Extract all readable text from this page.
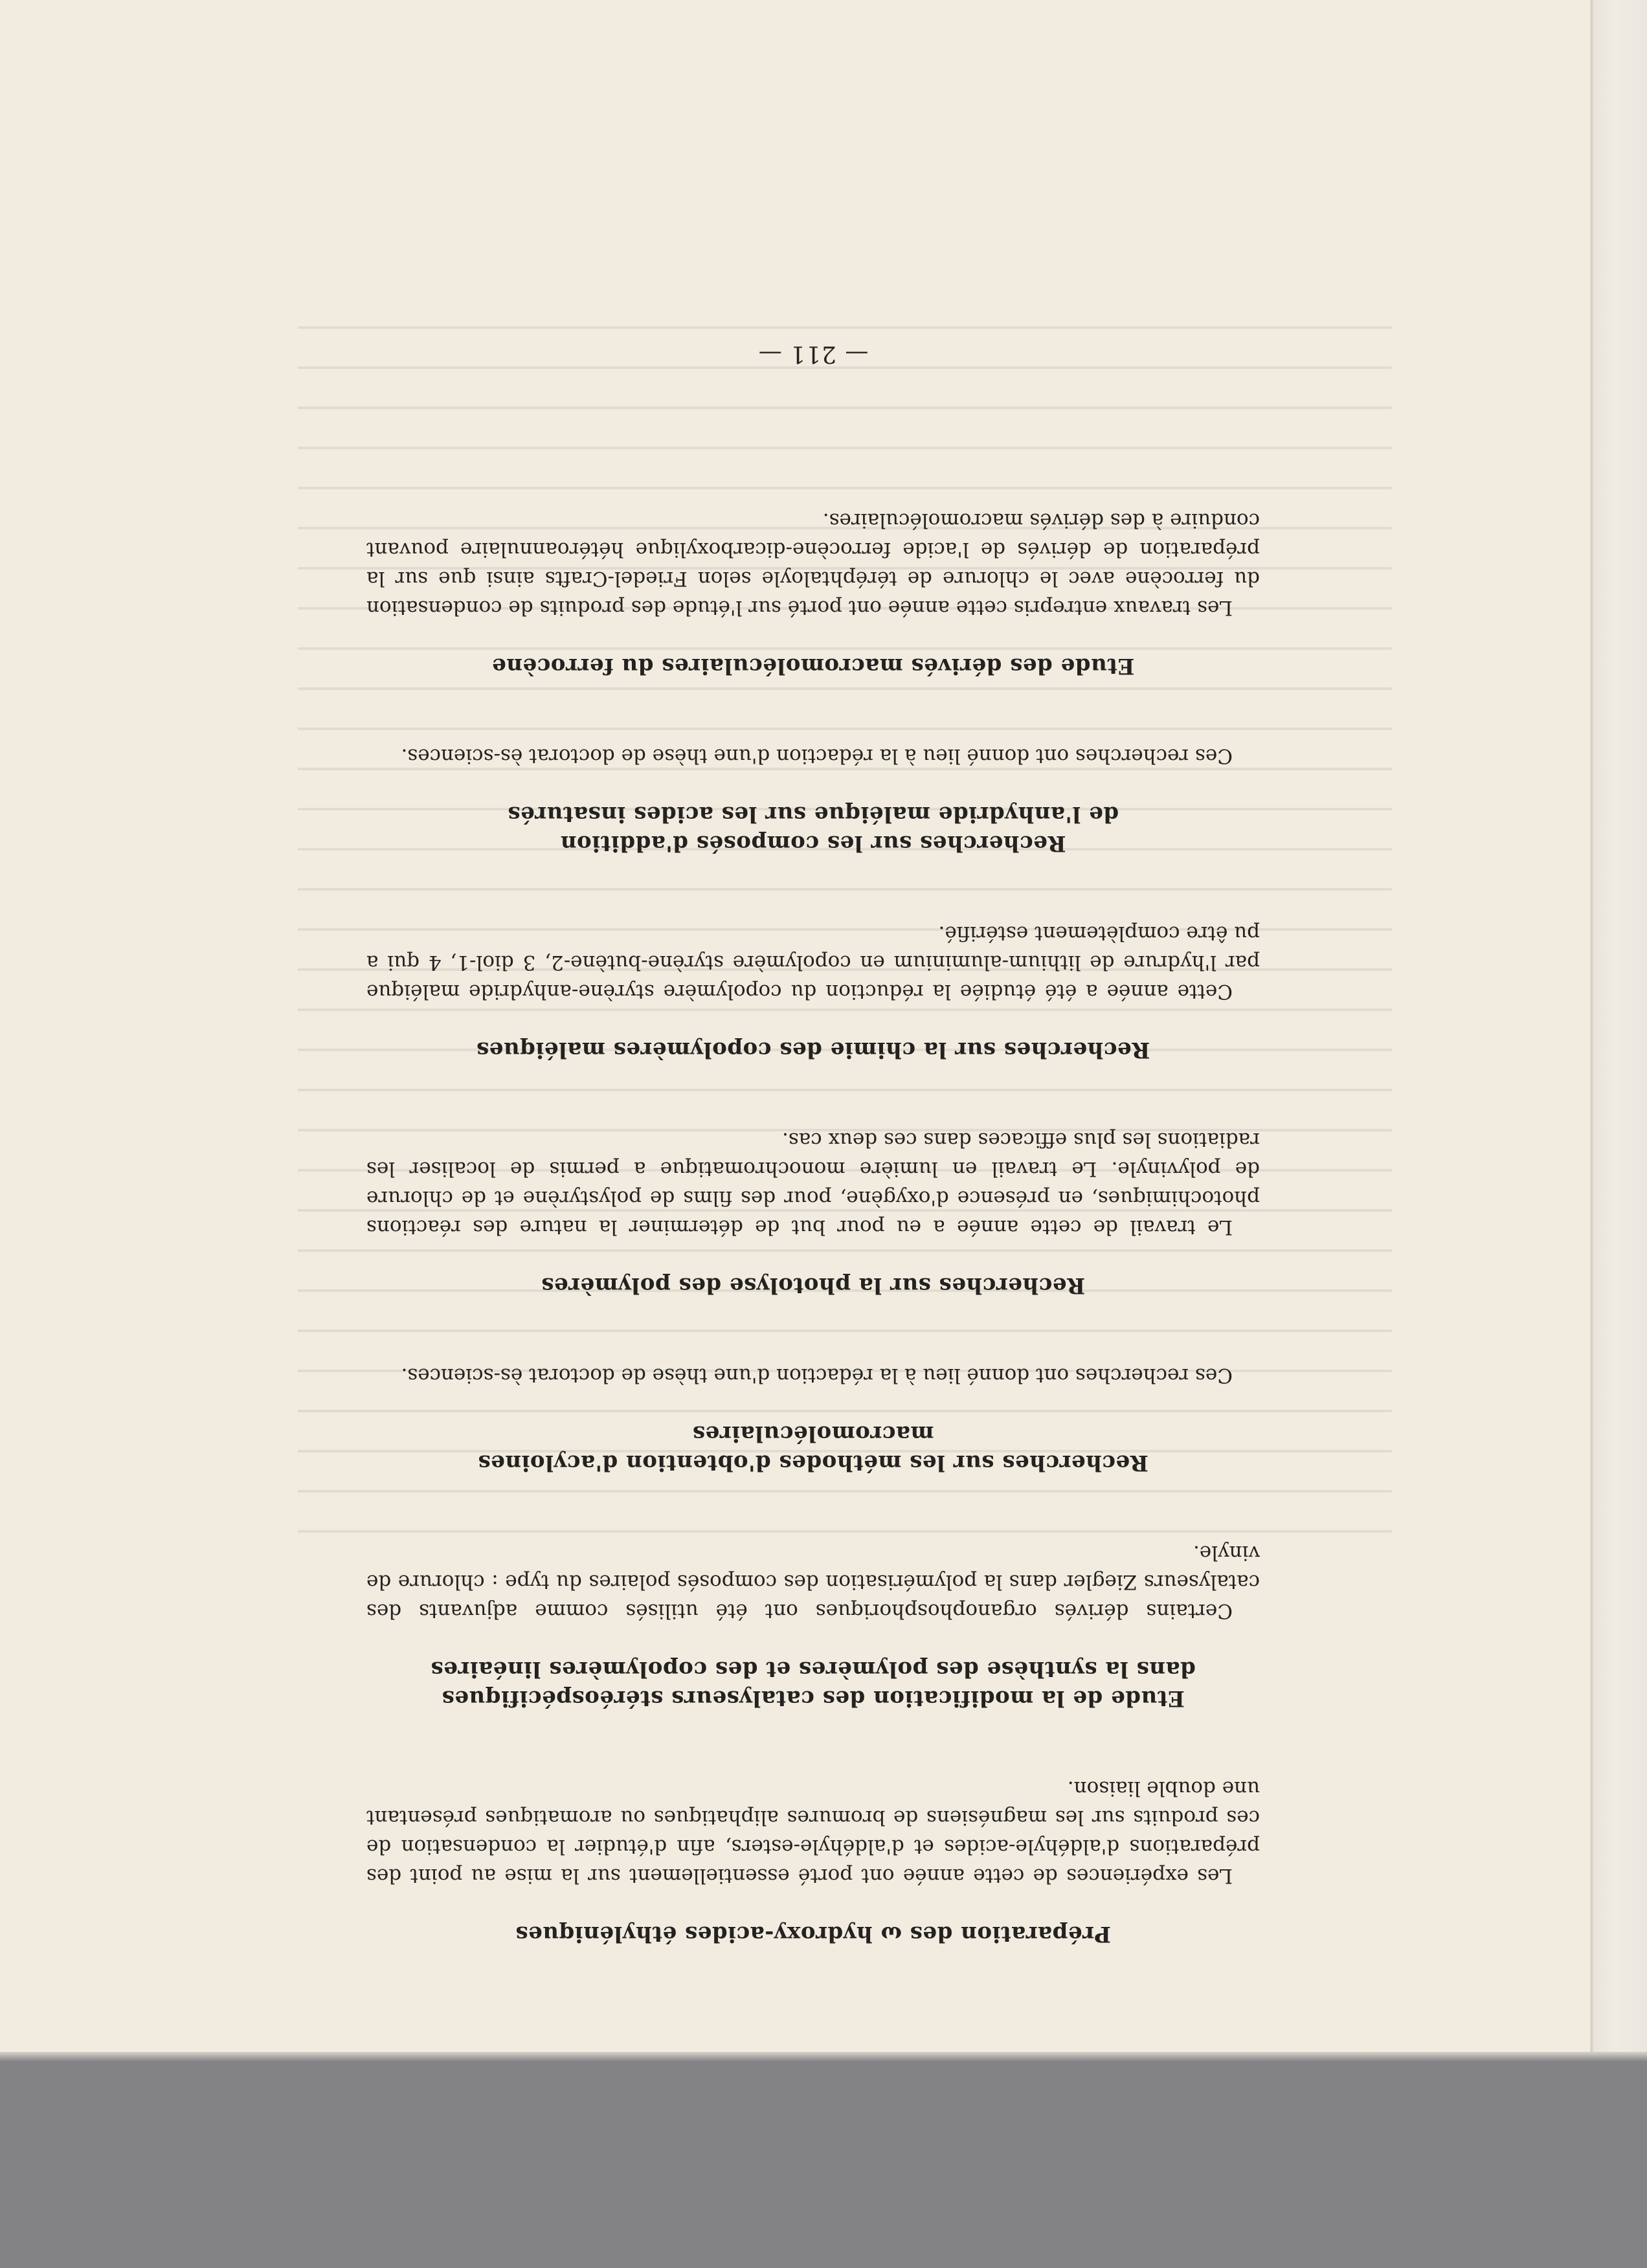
Préparation des ω hydroxy-acides éthyléniques

Les expériences de cette année ont porté essentiellement sur la mise au point des préparations d'aldéhyle-acides et d'aldéhyle-esters, afin d'étudier la condensation de ces produits sur les magnésiens de bromures aliphatiques ou aromatiques présentant une double liaison.

Etude de la modification des catalyseurs stéréospécifiques
dans la synthèse des polymères et des copolymères linéaires

Certains dérivés organophosphoriques ont été utilisés comme adjuvants des catalyseurs Ziegler dans la polymérisation des composés polaires du type : chlorure de vinyle.

Recherches sur les méthodes d'obtention d'acyloines macromoléculaires

Ces recherches ont donné lieu à la rédaction d'une thèse de doctorat ès-sciences.

Recherches sur la photolyse des polymères

Le travail de cette année a eu pour but de déterminer la nature des réactions photochimiques, en présence d'oxygène, pour des films de polystyrène et de chlorure de polyvinyle. Le travail en lumière monochromatique a permis de localiser les radiations les plus efficaces dans ces deux cas.

Recherches sur la chimie des copolymères maléiques

Cette année a été étudiée la réduction du copolymère styrène-anhydride maléique par l'hydrure de lithium-aluminium en copolymère styrène-butène-2, 3 diol-1, 4 qui a pu être complètement estérifié.

Recherches sur les composés d'addition
de l'anhydride maléique sur les acides insaturés

Ces recherches ont donné lieu à la rédaction d'une thèse de doctorat ès-sciences.

Etude des dérivés macromoléculaires du ferrocène

Les travaux entrepris cette année ont porté sur l'étude des produits de condensation du ferrocène avec le chlorure de téréphtaloyle selon Friedel-Crafts ainsi que sur la préparation de dérivés de l'acide ferrocène-dicarboxylique hétéroannulaire pouvant conduire à des dérivés macromoléculaires.

— 211 —
